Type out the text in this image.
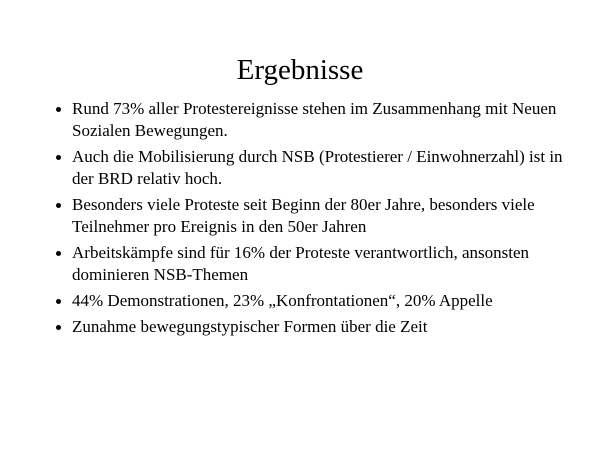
Ergebnisse
Rund 73% aller Protestereignisse stehen im Zusammenhang mit Neuen Sozialen Bewegungen.
Auch die Mobilisierung durch NSB (Protestierer / Einwohnerzahl) ist in der BRD relativ hoch.
Besonders viele Proteste seit Beginn der 80er Jahre, besonders viele Teilnehmer pro Ereignis in den 50er Jahren
Arbeitskämpfe sind für 16% der Proteste verantwortlich, ansonsten dominieren NSB-Themen
44% Demonstrationen, 23% „Konfrontationen“, 20% Appelle
Zunahme bewegungstypischer Formen über die Zeit
